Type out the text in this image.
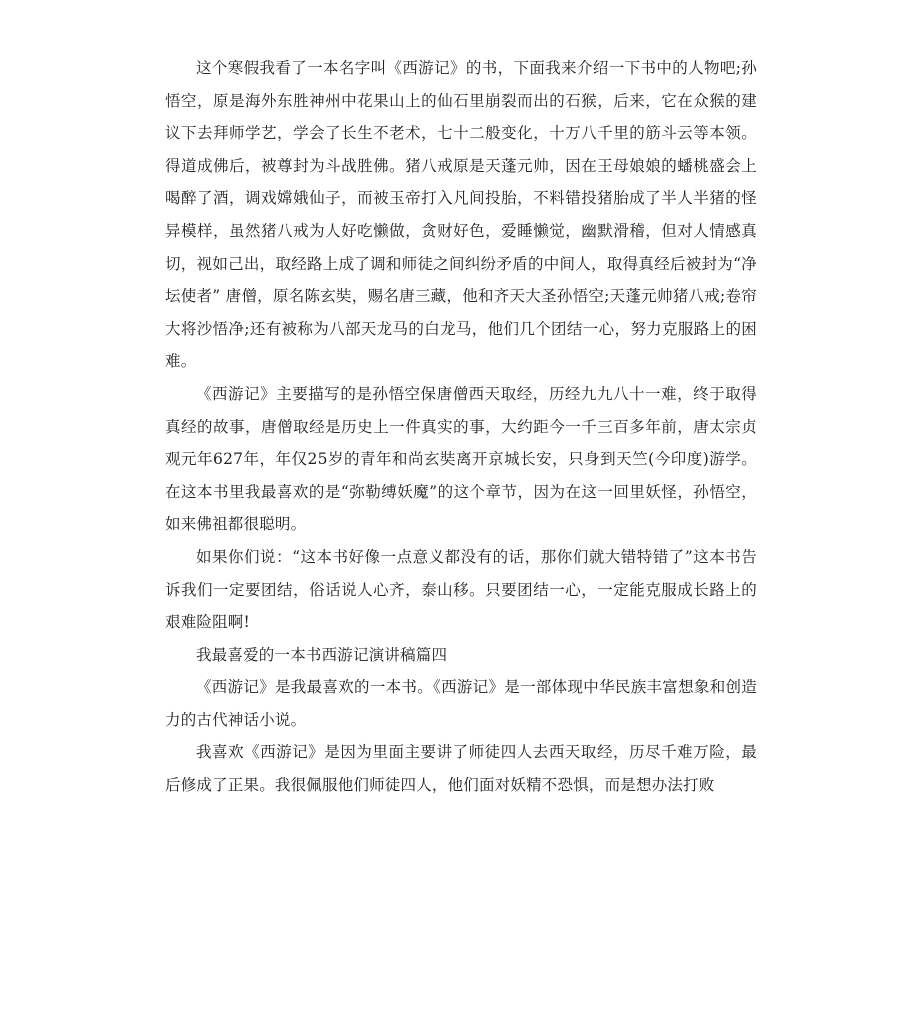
这个寒假我看了一本名字叫《西游记》的书，下面我来介绍一下书中的人物吧;孙悟空，原是海外东胜神州中花果山上的仙石里崩裂而出的石猴，后来，它在众猴的建议下去拜师学艺，学会了长生不老术，七十二般变化，十万八千里的筋斗云等本领。得道成佛后，被尊封为斗战胜佛。猪八戒原是天蓬元帅，因在王母娘娘的蟠桃盛会上喝醉了酒，调戏嫦娥仙子，而被玉帝打入凡间投胎，不料错投猪胎成了半人半猪的怪异模样，虽然猪八戒为人好吃懒做，贪财好色，爱睡懒觉，幽默滑稽，但对人情感真切，视如己出，取经路上成了调和师徒之间纠纷矛盾的中间人，取得真经后被封为“净坛使者” 唐僧，原名陈玄奘，赐名唐三藏，他和齐天大圣孙悟空;天蓬元帅猪八戒;卷帘大将沙悟净;还有被称为八部天龙马的白龙马，他们几个团结一心，努力克服路上的困难。

《西游记》主要描写的是孙悟空保唐僧西天取经，历经九九八十一难，终于取得真经的故事，唐僧取经是历史上一件真实的事，大约距今一千三百多年前，唐太宗贞观元年627年，年仅25岁的青年和尚玄奘离开京城长安，只身到天竺(今印度)游学。在这本书里我最喜欢的是“弥勒缚妖魔”的这个章节，因为在这一回里妖怪，孙悟空，如来佛祖都很聪明。

如果你们说：“这本书好像一点意义都没有的话，那你们就大错特错了”这本书告诉我们一定要团结，俗话说人心齐，泰山移。只要团结一心，一定能克服成长路上的艰难险阻啊!

我最喜爱的一本书西游记演讲稿篇四

《西游记》是我最喜欢的一本书。《西游记》是一部体现中华民族丰富想象和创造力的古代神话小说。

我喜欢《西游记》是因为里面主要讲了师徒四人去西天取经，历尽千难万险，最后修成了正果。我很佩服他们师徒四人，他们面对妖精不恐惧，而是想办法打败
